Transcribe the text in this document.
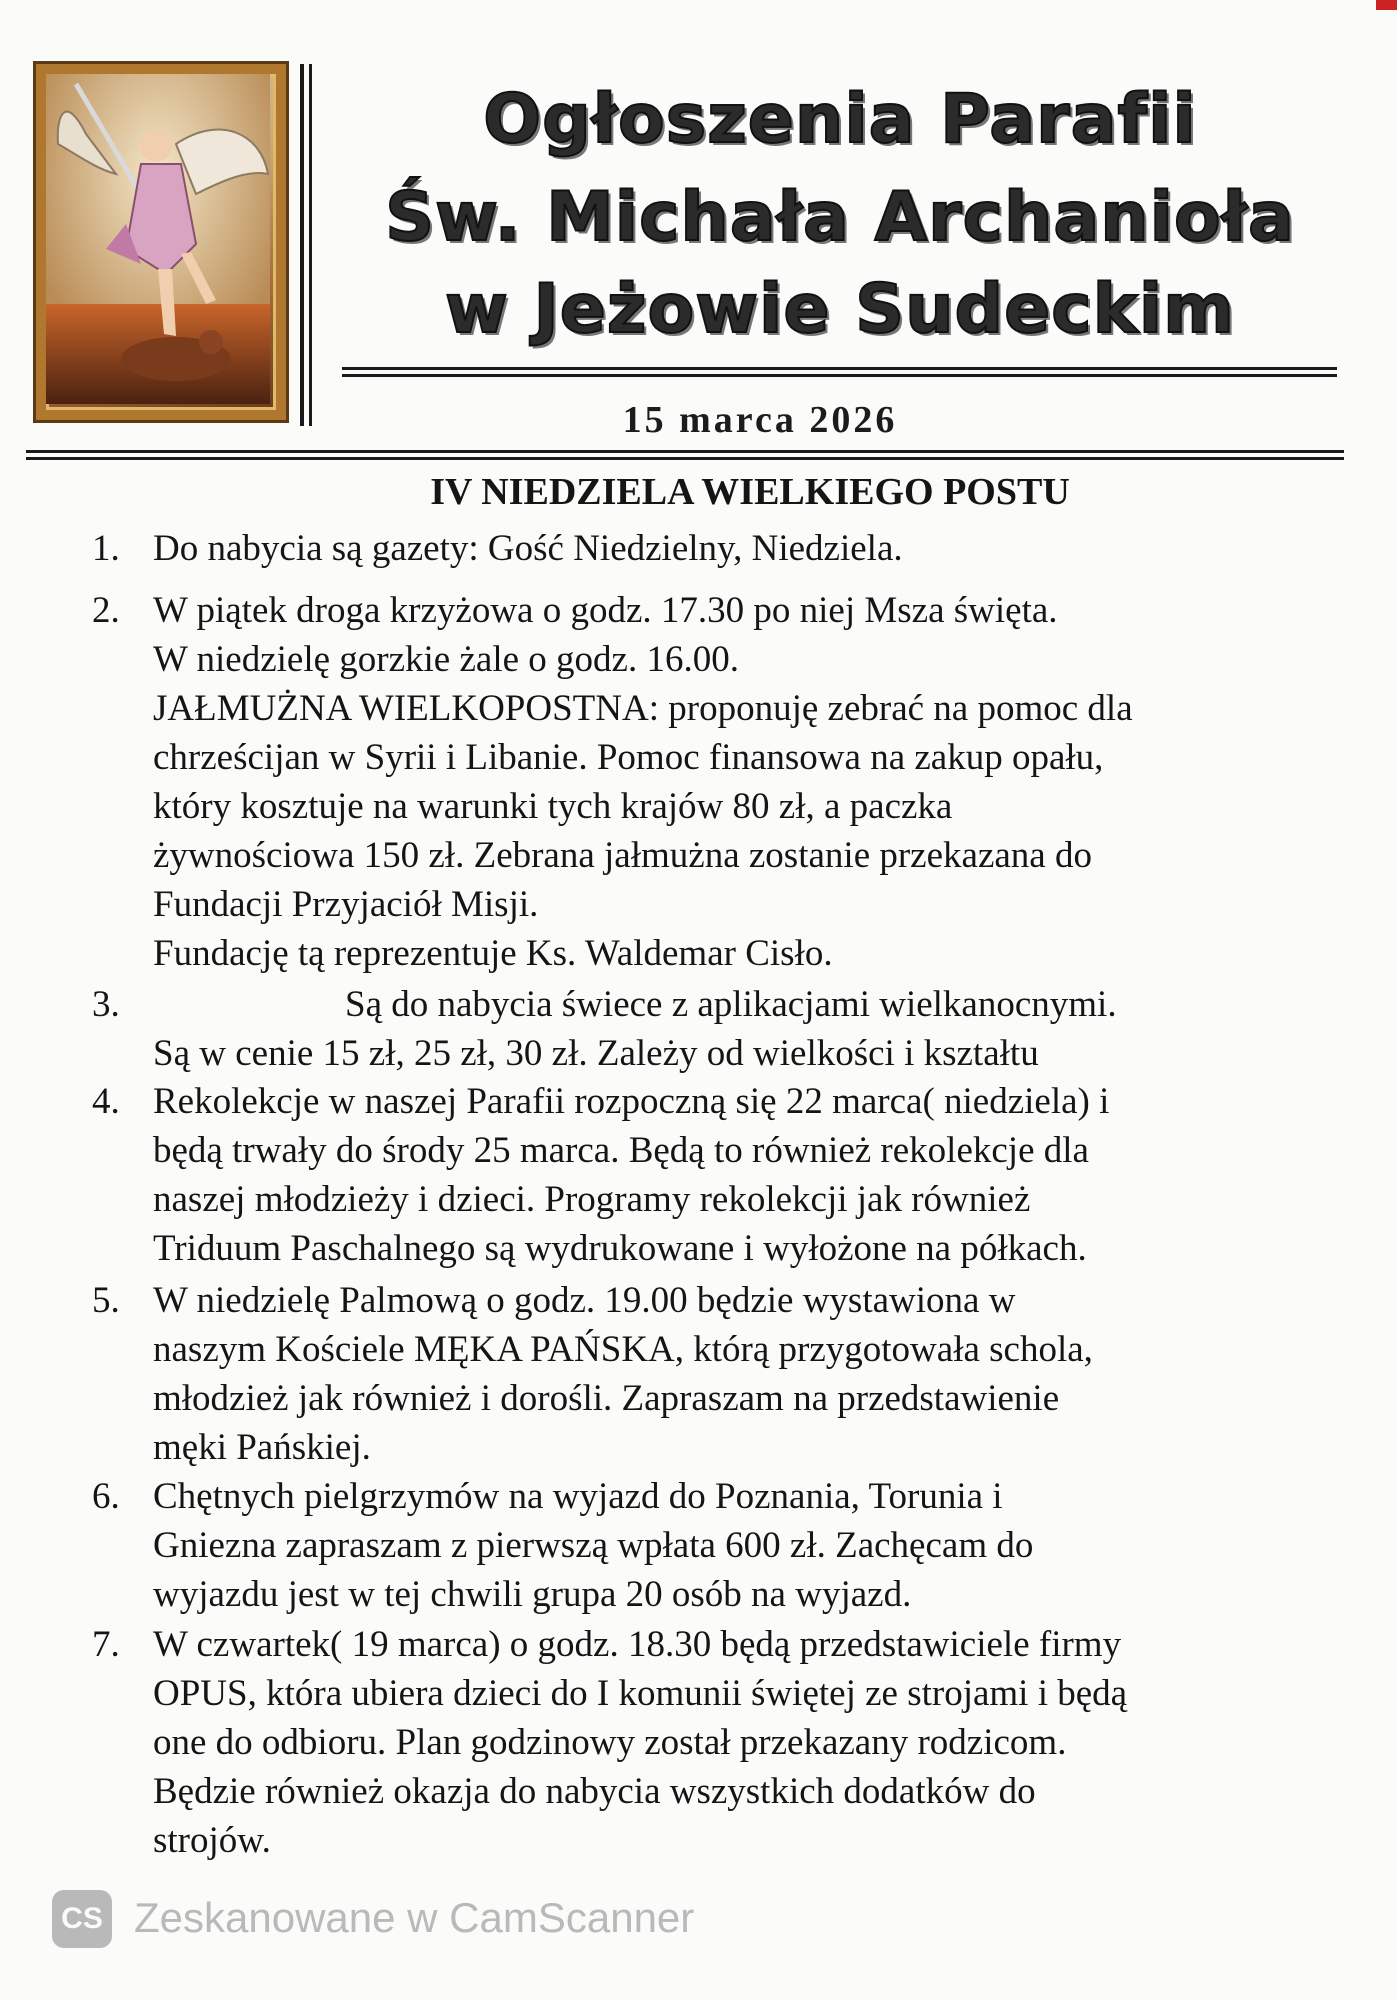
Ogłoszenia Parafii
Św. Michała Archanioła
w Jeżowie Sudeckim
15 marca 2026
IV NIEDZIELA WIELKIEGO POSTU
1. Do nabycia są gazety: Gość Niedzielny, Niedziela.
2. W piątek droga krzyżowa o godz. 17.30 po niej Msza święta.
W niedzielę gorzkie żale o godz. 16.00.
JAŁMUŻNA WIELKOPOSTNA: proponuję zebrać na pomoc dla
chrześcijan w Syrii i Libanie. Pomoc finansowa na zakup opału,
który kosztuje na warunki tych krajów 80 zł, a paczka
żywnościowa 150 zł. Zebrana jałmużna zostanie przekazana do
Fundacji Przyjaciół Misji.
Fundację tą reprezentuje Ks. Waldemar Cisło.
3.	Są do nabycia świece z aplikacjami wielkanocnymi.
Są w cenie 15 zł, 25 zł, 30 zł. Zależy od wielkości i kształtu
4. Rekolekcje w naszej Parafii rozpoczną się 22 marca( niedziela) i
będą trwały do środy 25 marca. Będą to również rekolekcje dla
naszej młodzieży i dzieci. Programy rekolekcji jak również
Triduum Paschalnego są wydrukowane i wyłożone na półkach.
5. W niedzielę Palmową o godz. 19.00 będzie wystawiona w
naszym Kościele MĘKA PAŃSKA, którą przygotowała schola,
młodzież jak również i dorośli. Zapraszam na przedstawienie
męki Pańskiej.
6. Chętnych pielgrzymów na wyjazd do Poznania, Torunia i
Gniezna zapraszam z pierwszą wpłata 600 zł. Zachęcam do
wyjazdu jest w tej chwili grupa 20 osób na wyjazd.
7. W czwartek( 19 marca) o godz. 18.30 będą przedstawiciele firmy
OPUS, która ubiera dzieci do I komunii świętej ze strojami i będą
one do odbioru. Plan godzinowy został przekazany rodzicom.
Będzie również okazja do nabycia wszystkich dodatków do
strojów.
CS Zeskanowane w CamScanner
